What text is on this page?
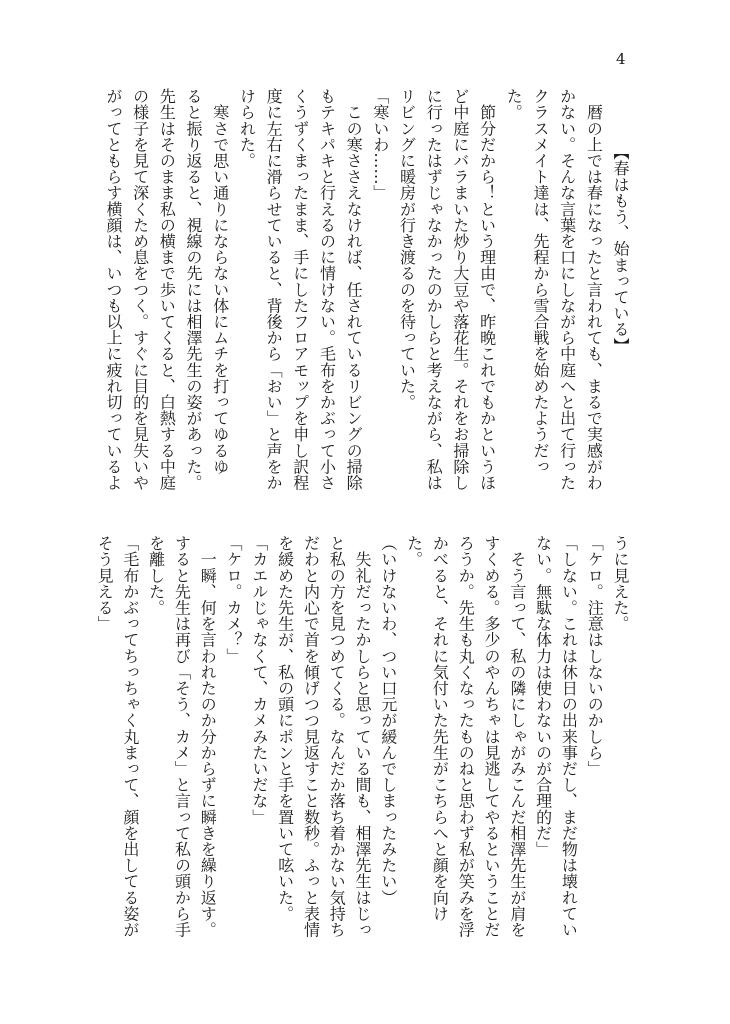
4
【春はもう、始まっている】
　暦の上では春になったと言われても、まるで実感がわ
かない。そんな言葉を口にしながら中庭へと出て行った
クラスメイト達は、先程から雪合戦を始めたようだっ
た。
　節分だから！という理由で、昨晩これでもかというほ
ど中庭にバラまいた炒り大豆や落花生。それをお掃除し
に行ったはずじゃなかったのかしらと考えながら、私は
リビングに暖房が行き渡るのを待っていた。
「寒いわ……」
　この寒ささえなければ、任されているリビングの掃除
もテキパキと行えるのに情けない。毛布をかぶって小さ
くうずくまったまま、手にしたフロアモップを申し訳程
度に左右に滑らせていると、背後から「おい」と声をか
けられた。
　寒さで思い通りにならない体にムチを打ってゆるゆ
ると振り返ると、視線の先には相澤先生の姿があった。
先生はそのまま私の横まで歩いてくると、白熱する中庭
の様子を見て深くため息をつく。すぐに目的を見失いや
がってともらす横顔は、いつも以上に疲れ切っているよ
うに見えた。
「ケロ。注意はしないのかしら」
「しない。これは休日の出来事だし、まだ物は壊れてい
ない。無駄な体力は使わないのが合理的だ」
　そう言って、私の隣にしゃがみこんだ相澤先生が肩を
すくめる。多少のやんちゃは見逃してやるということだ
ろうか。先生も丸くなったものねと思わず私が笑みを浮
かべると、それに気付いた先生がこちらへと顔を向け
た。
（いけないわ、つい口元が緩んでしまったみたい）
　失礼だったかしらと思っている間も、相澤先生はじっ
と私の方を見つめてくる。なんだか落ち着かない気持ち
だわと内心で首を傾げつつ見返すこと数秒。ふっと表情
を緩めた先生が、私の頭にポンと手を置いて呟いた。
「カエルじゃなくて、カメみたいだな」
「ケロ。カメ？」
　一瞬、何を言われたのか分からずに瞬きを繰り返す。
すると先生は再び「そう、カメ」と言って私の頭から手
を離した。
「毛布かぶってちっちゃく丸まって、顔を出してる姿が
そう見える」
